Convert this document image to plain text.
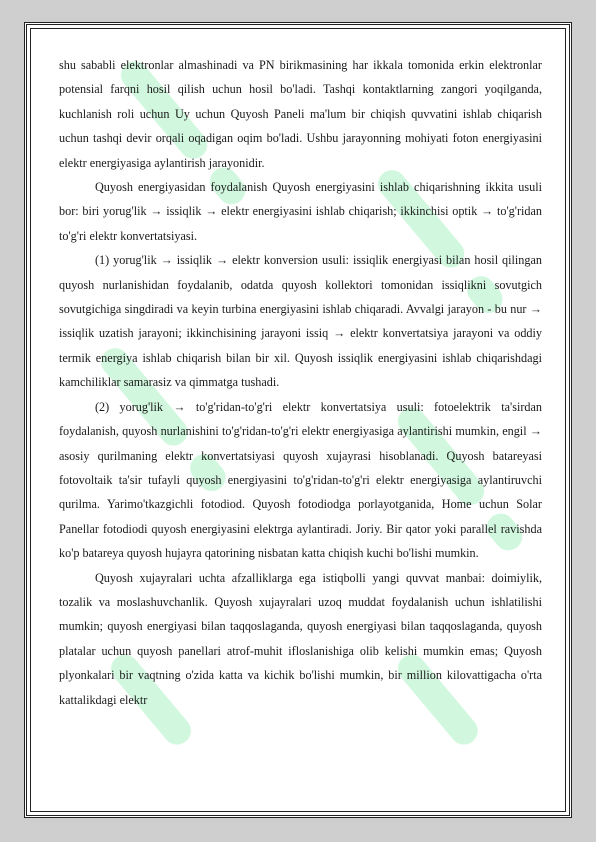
shu sababli elektronlar almashinadi va PN birikmasining har ikkala tomonida erkin elektronlar potensial farqni hosil qilish uchun hosil bo'ladi. Tashqi kontaktlarning zangori yoqilganda, kuchlanish roli uchun Uy uchun Quyosh Paneli ma'lum bir chiqish quvvatini ishlab chiqarish uchun tashqi devir orqali oqadigan oqim bo'ladi. Ushbu jarayonning mohiyati foton energiyasini elektr energiyasiga aylantirish jarayonidir.

Quyosh energiyasidan foydalanish Quyosh energiyasini ishlab chiqarishning ikkita usuli bor: biri yorug'lik → issiqlik → elektr energiyasini ishlab chiqarish; ikkinchisi optik → to'g'ridan to'g'ri elektr konvertatsiyasi.

(1) yorug'lik → issiqlik → elektr konversion usuli: issiqlik energiyasi bilan hosil qilingan quyosh nurlanishidan foydalanib, odatda quyosh kollektori tomonidan issiqlikni sovutgich sovutgichiga singdiradi va keyin turbina energiyasini ishlab chiqaradi. Avvalgi jarayon - bu nur → issiqlik uzatish jarayoni; ikkinchisining jarayoni issiq → elektr konvertatsiya jarayoni va oddiy termik energiya ishlab chiqarish bilan bir xil. Quyosh issiqlik energiyasini ishlab chiqarishdagi kamchiliklar samarasiz va qimmatga tushadi.

(2) yorug'lik → to'g'ridan-to'g'ri elektr konvertatsiya usuli: fotoelektrik ta'sirdan foydalanish, quyosh nurlanishini to'g'ridan-to'g'ri elektr energiyasiga aylantirishi mumkin, engil → asosiy qurilmaning elektr konvertatsiyasi quyosh xujayrasi hisoblanadi. Quyosh batareyasi fotovoltaik ta'sir tufayli quyosh energiyasini to'g'ridan-to'g'ri elektr energiyasiga aylantiruvchi qurilma. Yarimo'tkazgichli fotodiod. Quyosh fotodiodga porlayotganida, Home uchun Solar Panellar fotodiodi quyosh energiyasini elektrga aylantiradi. Joriy. Bir qator yoki parallel ravishda ko'p batareya quyosh hujayra qatorining nisbatan katta chiqish kuchi bo'lishi mumkin.

Quyosh xujayralari uchta afzalliklarga ega istiqbolli yangi quvvat manbai: doimiylik, tozalik va moslashuvchanlik. Quyosh xujayralari uzoq muddat foydalanish uchun ishlatilishi mumkin; quyosh energiyasi bilan taqqoslaganda, quyosh energiyasi bilan taqqoslaganda, quyosh platalar uchun quyosh panellari atrof-muhit ifloslanishiga olib kelishi mumkin emas; Quyosh plyonkalari bir vaqtning o'zida katta va kichik bo'lishi mumkin, bir million kilovattigacha o'rta kattalikdagi elektr
